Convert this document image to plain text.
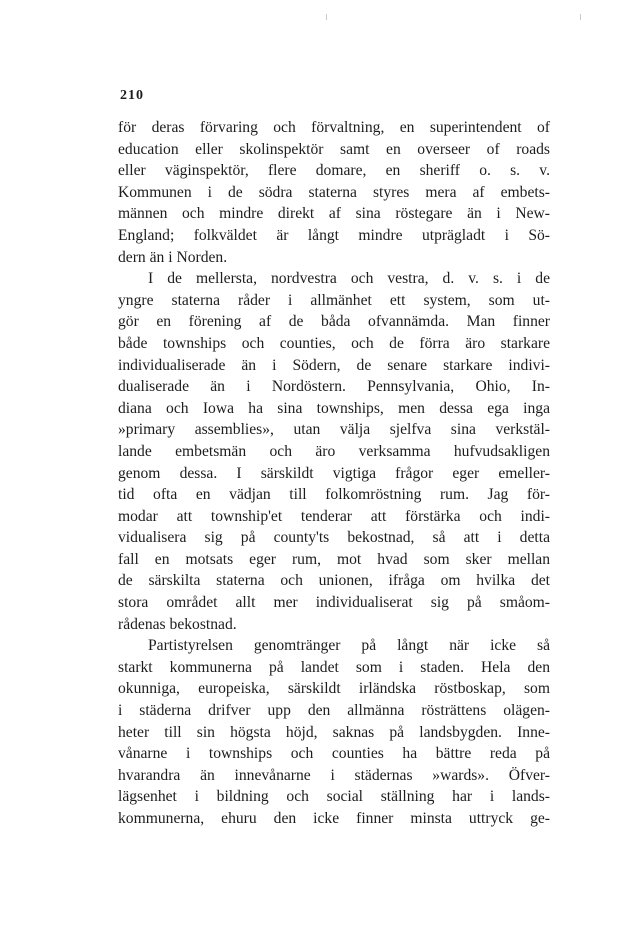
210

för deras förvaring och förvaltning, en superintendent of
education eller skolinspektör samt en overseer of roads
eller väginspektör, flere domare, en sheriff o. s. v.
Kommunen i de södra staterna styres mera af embets-
männen och mindre direkt af sina röstegare än i New-
England; folkväldet är långt mindre utprägladt i Sö-
dern än i Norden.
I de mellersta, nordvestra och vestra, d. v. s. i de
yngre staterna råder i allmänhet ett system, som ut-
gör en förening af de båda ofvannämda. Man finner
både townships och counties, och de förra äro starkare
individualiserade än i Södern, de senare starkare indivi-
dualiserade än i Nordöstern. Pennsylvania, Ohio, In-
diana och Iowa ha sina townships, men dessa ega inga
»primary assemblies», utan välja sjelfva sina verkstäl-
lande embetsmän och äro verksamma hufvudsakligen
genom dessa. I särskildt vigtiga frågor eger emeller-
tid ofta en vädjan till folkomröstning rum. Jag för-
modar att township'et tenderar att förstärka och indi-
vidualisera sig på county'ts bekostnad, så att i detta
fall en motsats eger rum, mot hvad som sker mellan
de särskilta staterna och unionen, ifråga om hvilka det
stora området allt mer individualiserat sig på småom-
rådenas bekostnad.
Partistyrelsen genomtränger på långt när icke så
starkt kommunerna på landet som i staden. Hela den
okunniga, europeiska, särskildt irländska röstboskap, som
i städerna drifver upp den allmänna rösträttens olägen-
heter till sin högsta höjd, saknas på landsbygden. Inne-
vånarne i townships och counties ha bättre reda på
hvarandra än innevånarne i städernas »wards». Öfver-
lägsenhet i bildning och social ställning har i lands-
kommunerna, ehuru den icke finner minsta uttryck ge-
